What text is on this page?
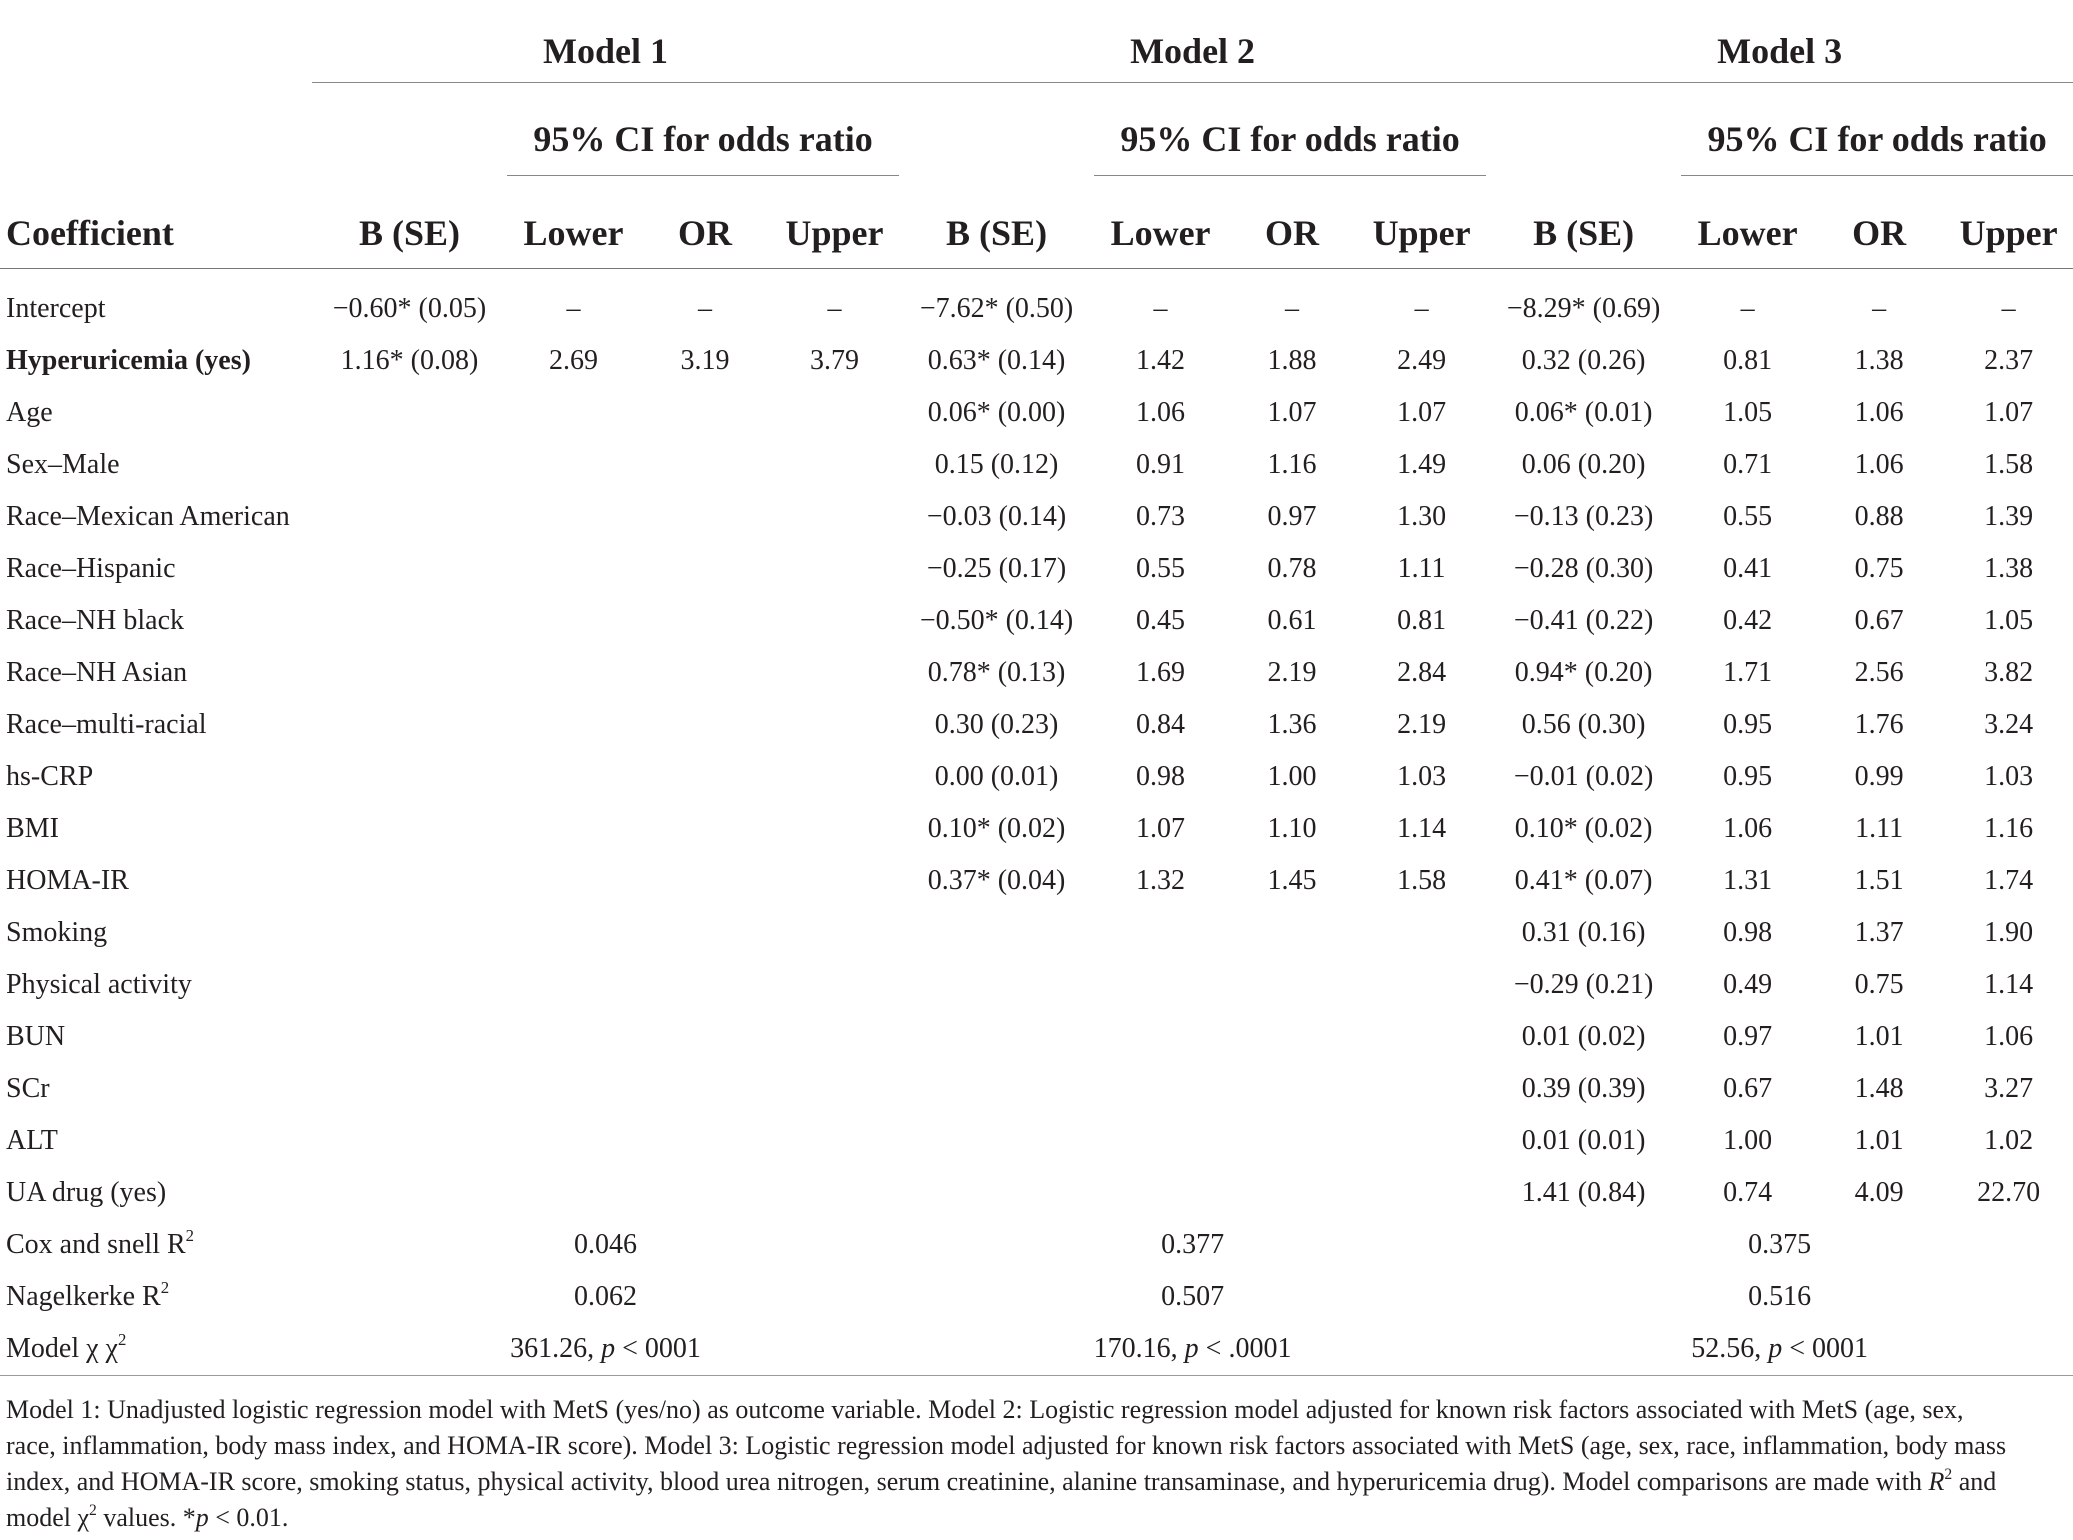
	Model 1				Model 2				Model 3			

		95% CI for odds ratio				95% CI for odds ratio				95% CI for odds ratio		

Coefficient	B (SE)	Lower	OR	Upper	B (SE)	Lower	OR	Upper	B (SE)	Lower	OR	Upper
Intercept	−0.60* (0.05)	–	–	–	−7.62* (0.50)	–	–	–	−8.29* (0.69)	–	–	–
Hyperuricemia (yes)	1.16* (0.08)	2.69	3.19	3.79	0.63* (0.14)	1.42	1.88	2.49	0.32 (0.26)	0.81	1.38	2.37
Age					0.06* (0.00)	1.06	1.07	1.07	0.06* (0.01)	1.05	1.06	1.07
Sex–Male					0.15 (0.12)	0.91	1.16	1.49	0.06 (0.20)	0.71	1.06	1.58
Race–Mexican American					−0.03 (0.14)	0.73	0.97	1.30	−0.13 (0.23)	0.55	0.88	1.39
Race–Hispanic					−0.25 (0.17)	0.55	0.78	1.11	−0.28 (0.30)	0.41	0.75	1.38
Race–NH black					−0.50* (0.14)	0.45	0.61	0.81	−0.41 (0.22)	0.42	0.67	1.05
Race–NH Asian					0.78* (0.13)	1.69	2.19	2.84	0.94* (0.20)	1.71	2.56	3.82
Race–multi-racial					0.30 (0.23)	0.84	1.36	2.19	0.56 (0.30)	0.95	1.76	3.24
hs-CRP					0.00 (0.01)	0.98	1.00	1.03	−0.01 (0.02)	0.95	0.99	1.03
BMI					0.10* (0.02)	1.07	1.10	1.14	0.10* (0.02)	1.06	1.11	1.16
HOMA-IR					0.37* (0.04)	1.32	1.45	1.58	0.41* (0.07)	1.31	1.51	1.74
Smoking									0.31 (0.16)	0.98	1.37	1.90
Physical activity									−0.29 (0.21)	0.49	0.75	1.14
BUN									0.01 (0.02)	0.97	1.01	1.06
SCr									0.39 (0.39)	0.67	1.48	3.27
ALT									0.01 (0.01)	1.00	1.01	1.02
UA drug (yes)									1.41 (0.84)	0.74	4.09	22.70
Cox and snell $R^2$	0.046				0.377				0.375			
Nagelkerke $R^2$	0.062				0.507				0.516			
Model χ $\chi^2$	361.26, p < 0001				170.16, p < .0001				52.56, p < 0001			
Model 1: Unadjusted logistic regression model with MetS (yes/no) as outcome variable. Model 2: Logistic regression model adjusted for known risk factors associated with MetS (age, sex, race, inflammation, body mass index, and HOMA-IR score). Model 3: Logistic regression model adjusted for known risk factors associated with MetS (age, sex, race, inflammation, body mass index, and HOMA-IR score, smoking status, physical activity, blood urea nitrogen, serum creatinine, alanine transaminase, and hyperuricemia drug). Model comparisons are made with $R^2$ and model $\chi^2$ values. *p < 0.01.
